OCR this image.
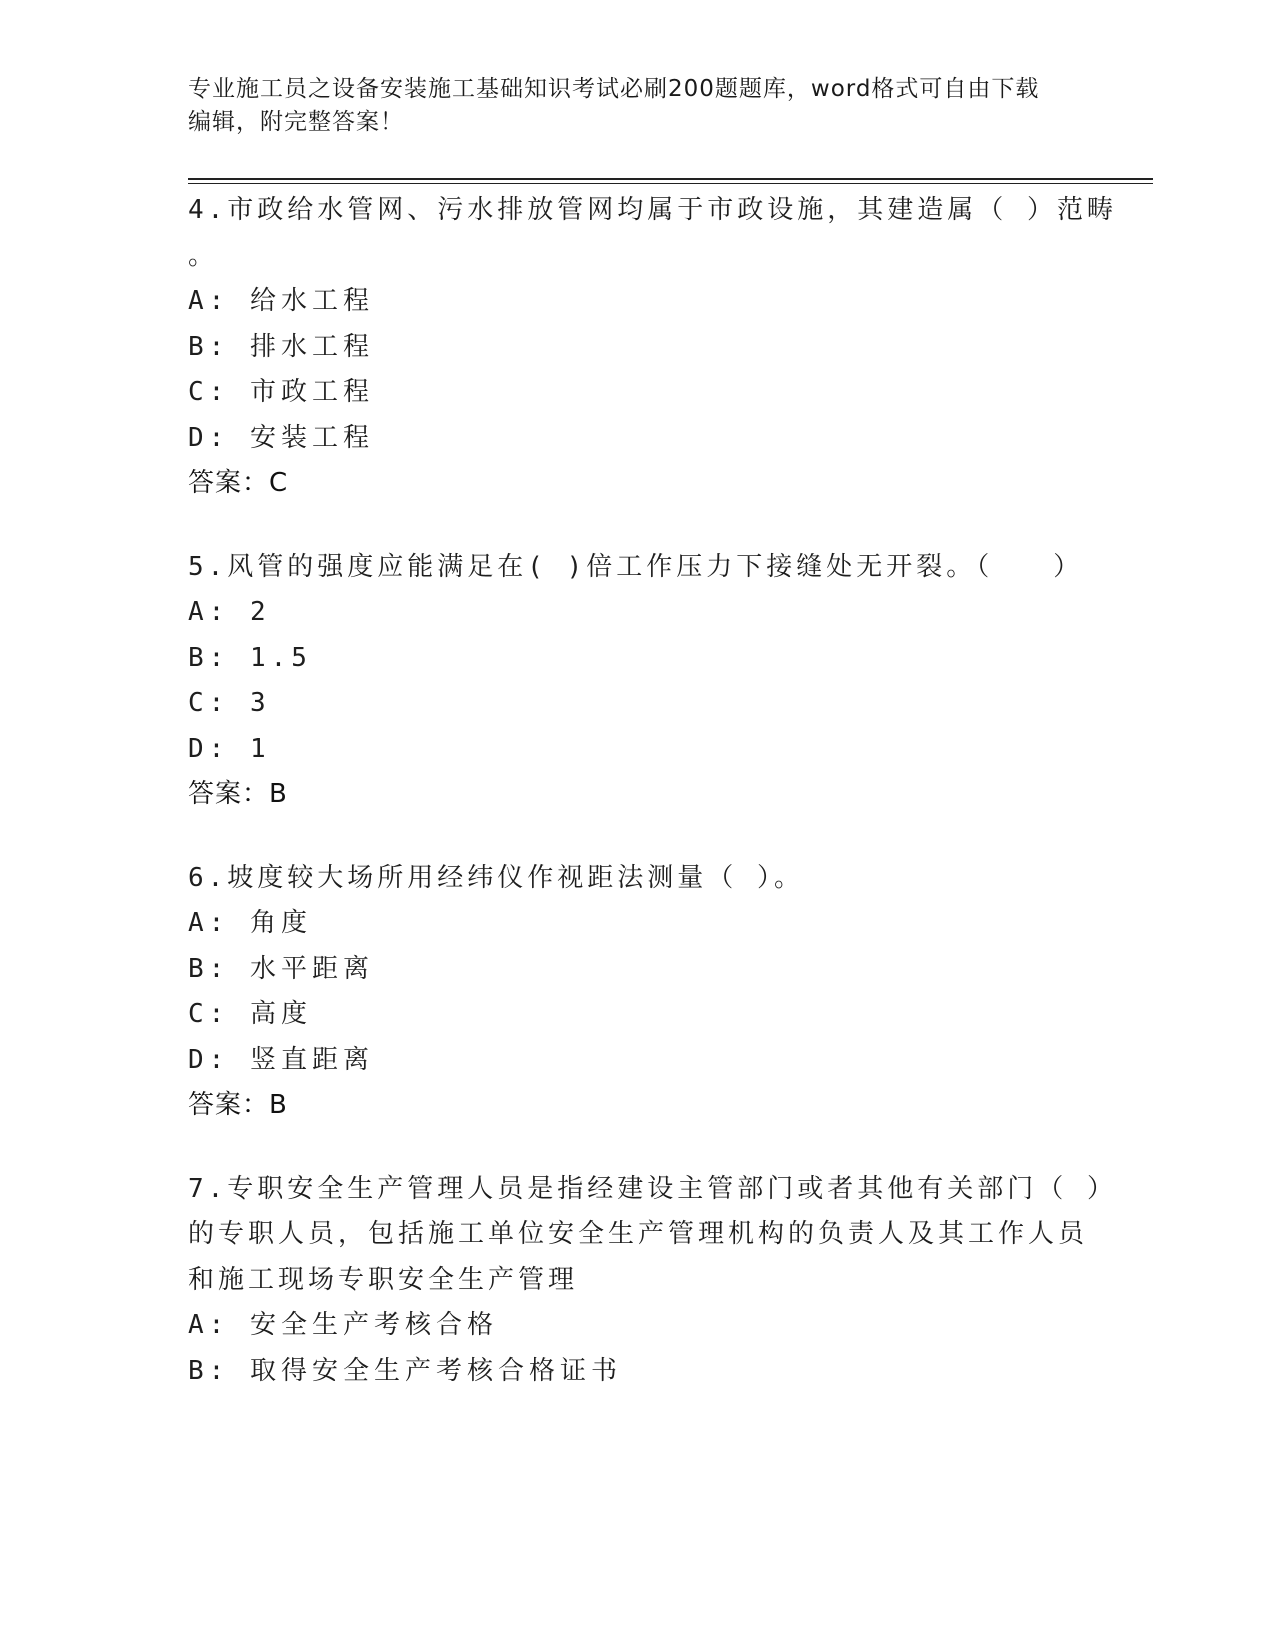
专业施工员之设备安装施工基础知识考试必刷200题题库，word格式可自由下载
编辑，附完整答案！
4.市政给水管网、污水排放管网均属于市政设施，其建造属（ ）范畴
。
A: 给水工程
B: 排水工程
C: 市政工程
D: 安装工程
答案：C
5.风管的强度应能满足在( )倍工作压力下接缝处无开裂。（　　）
A: 2
B: 1.5
C: 3
D: 1
答案：B
6.坡度较大场所用经纬仪作视距法测量（ ）。
A: 角度
B: 水平距离
C: 高度
D: 竖直距离
答案：B
7.专职安全生产管理人员是指经建设主管部门或者其他有关部门（ ）
的专职人员，包括施工单位安全生产管理机构的负责人及其工作人员
和施工现场专职安全生产管理
A: 安全生产考核合格
B: 取得安全生产考核合格证书
